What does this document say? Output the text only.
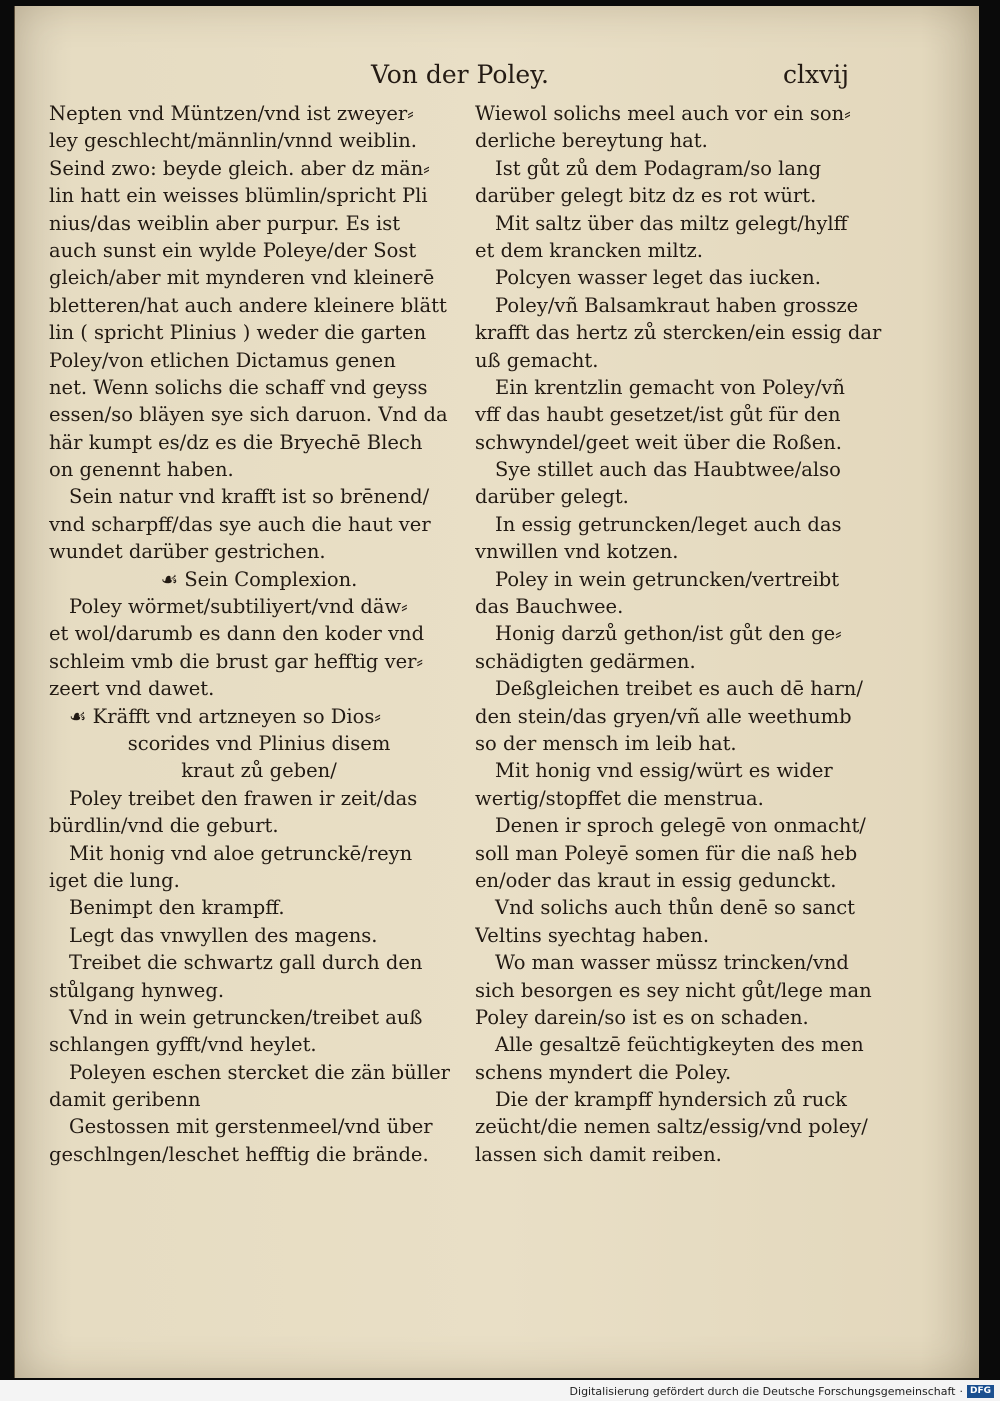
Von der Poley.	clxvij
Nepten vnd Müntzen/vnd ist zweyer⸗
ley geschlecht/männlin/vnnd weiblin.
Seind zwo: beyde gleich. aber dz män⸗
lin hatt ein weisses blümlin/spricht Pli
nius/das weiblin aber purpur. Es ist
auch sunst ein wylde Poleye/der Sost
gleich/aber mit mynderen vnd kleinerē
bletteren/hat auch andere kleinere blätt
lin ( spricht Plinius ) weder die garten
Poley/von etlichen Dictamus genen
net. Wenn solichs die schaff vnd geyss
essen/so bläyen sye sich daruon. Vnd da
här kumpt es/dz es die Bryechē Blech
on genennt haben.
Sein natur vnd krafft ist so brēnend/
vnd scharpff/das sye auch die haut ver
wundet darüber gestrichen.
☙ Sein Complexion.
Poley wörmet/subtiliyert/vnd däw⸗
et wol/darumb es dann den koder vnd
schleim vmb die brust gar hefftig ver⸗
zeert vnd dawet.
☙ Kräfft vnd artzneyen so Dios⸗
scorides vnd Plinius disem
kraut zů geben/
Poley treibet den frawen ir zeit/das
bürdlin/vnd die geburt.
Mit honig vnd aloe getrunckē/reyn
iget die lung.
Benimpt den krampff.
Legt das vnwyllen des magens.
Treibet die schwartz gall durch den
stůlgang hynweg.
Vnd in wein getruncken/treibet auß
schlangen gyfft/vnd heylet.
Poleyen eschen stercket die zän büller
damit geribenn
Gestossen mit gerstenmeel/vnd über
geschlngen/leschet hefftig die brände.
Wiewol solichs meel auch vor ein son⸗
derliche bereytung hat.
Ist gůt zů dem Podagram/so lang
darüber gelegt bitz dz es rot würt.
Mit saltz über das miltz gelegt/hylff
et dem krancken miltz.
Polcyen wasser leget das iucken.
Poley/vñ Balsamkraut haben grossze
krafft das hertz zů stercken/ein essig dar
uß gemacht.
Ein krentzlin gemacht von Poley/vñ
vff das haubt gesetzet/ist gůt für den
schwyndel/geet weit über die Roßen.
Sye stillet auch das Haubtwee/also
darüber gelegt.
In essig getruncken/leget auch das
vnwillen vnd kotzen.
Poley in wein getruncken/vertreibt
das Bauchwee.
Honig darzů gethon/ist gůt den ge⸗
schädigten gedärmen.
Deßgleichen treibet es auch dē harn/
den stein/das gryen/vñ alle weethumb
so der mensch im leib hat.
Mit honig vnd essig/würt es wider
wertig/stopffet die menstrua.
Denen ir sproch gelegē von onmacht/
soll man Poleyē somen für die naß heb
en/oder das kraut in essig gedunckt.
Vnd solichs auch thůn denē so sanct
Veltins syechtag haben.
Wo man wasser müssz trincken/vnd
sich besorgen es sey nicht gůt/lege man
Poley darein/so ist es on schaden.
Alle gesaltzē feüchtigkeyten des men
schens myndert die Poley.
Die der krampff hyndersich zů ruck
zeücht/die nemen saltz/essig/vnd poley/
lassen sich damit reiben.
Digitalisierung gefördert durch die Deutsche Forschungsgemeinschaft · DFG
